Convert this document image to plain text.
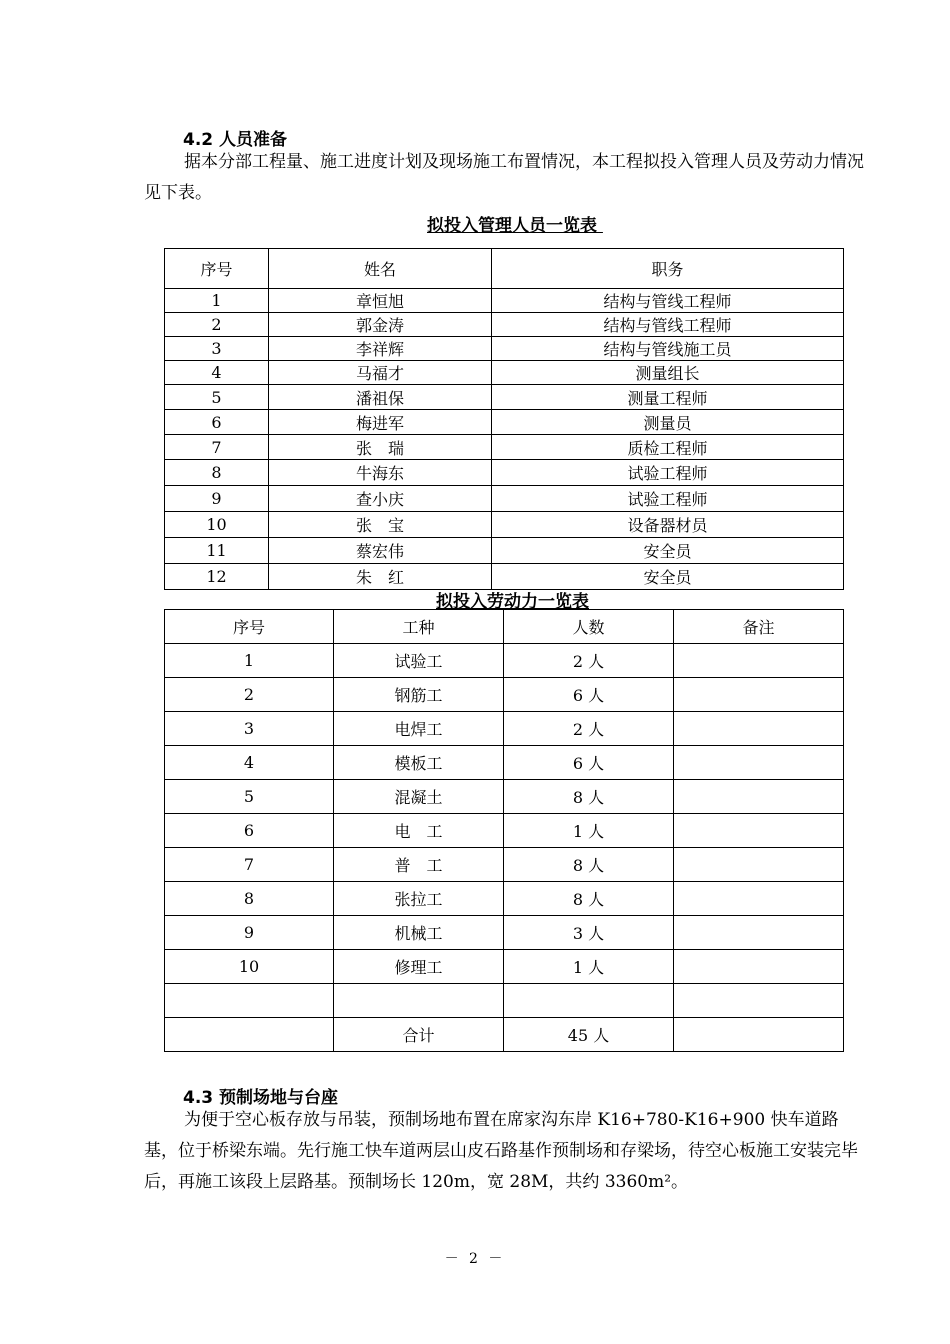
4.2 人员准备
据本分部工程量、施工进度计划及现场施工布置情况，本工程拟投入管理人员及劳动力情况见下表。
拟投入管理人员一览表
序号	姓名	职务
1	章恒旭	结构与管线工程师
2	郭金涛	结构与管线工程师
3	李祥辉	结构与管线施工员
4	马福才	测量组长
5	潘祖保	测量工程师
6	梅进军	测量员
7	张　瑞	质检工程师
8	牛海东	试验工程师
9	查小庆	试验工程师
10	张　宝	设备器材员
11	蔡宏伟	安全员
12	朱　红	安全员
拟投入劳动力一览表
序号	工种	人数	备注
1	试验工	2 人	
2	钢筋工	6 人	
3	电焊工	2 人	
4	模板工	6 人	
5	混凝土	8 人	
6	电　工	1 人	
7	普　工	8 人	
8	张拉工	8 人	
9	机械工	3 人	
10	修理工	1 人	

	合计	45 人	
4.3 预制场地与台座
为便于空心板存放与吊装，预制场地布置在席家沟东岸 K16+780-K16+900 快车道路基，位于桥梁东端。先行施工快车道两层山皮石路基作预制场和存梁场，待空心板施工安装完毕后，再施工该段上层路基。预制场长 120m，宽 28M，共约 3360m²。
－ 2 －
